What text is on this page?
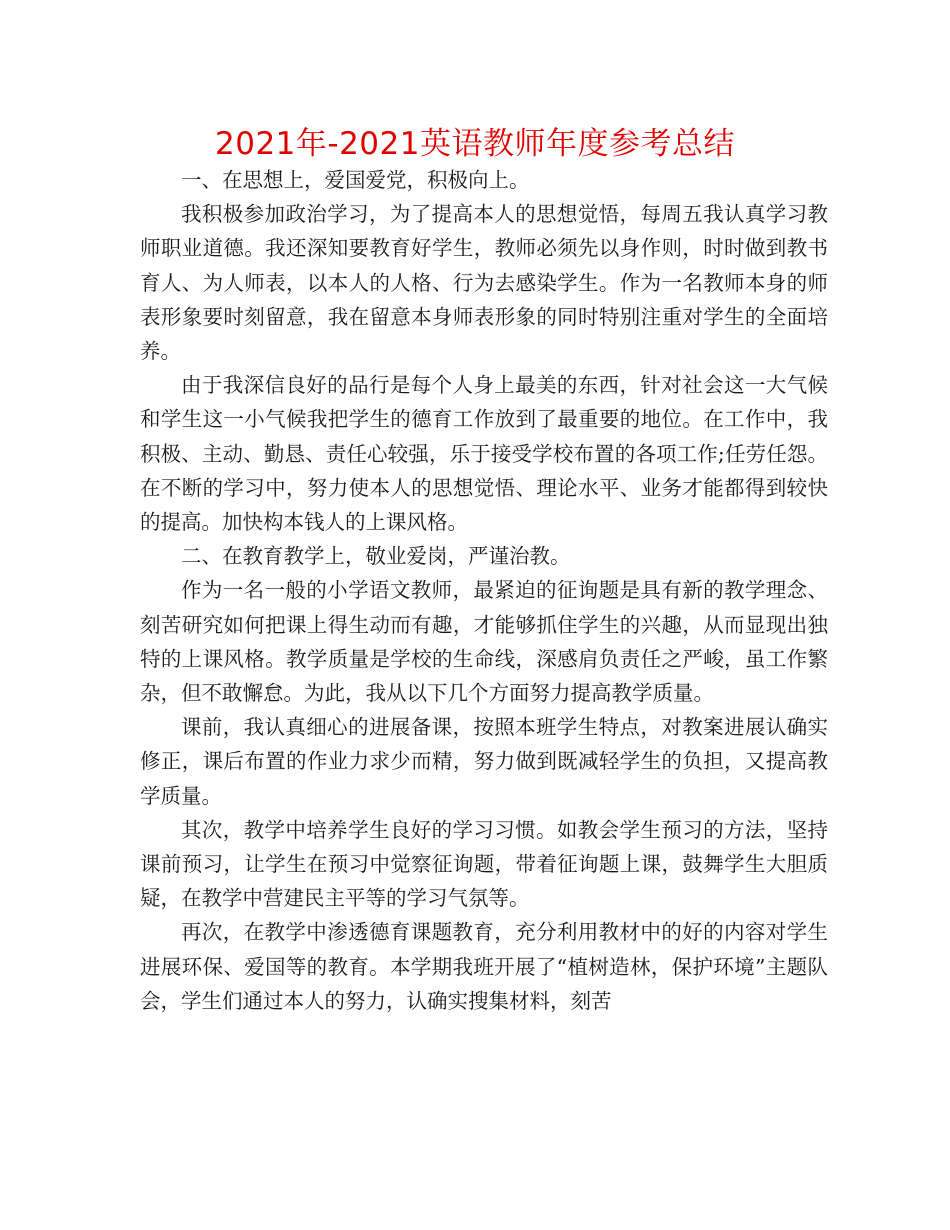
2021年-2021英语教师年度参考总结

一、在思想上，爱国爱党，积极向上。

我积极参加政治学习，为了提高本人的思想觉悟，每周五我认真学习教师职业道德。我还深知要教育好学生，教师必须先以身作则，时时做到教书育人、为人师表，以本人的人格、行为去感染学生。作为一名教师本身的师表形象要时刻留意，我在留意本身师表形象的同时特别注重对学生的全面培养。

由于我深信良好的品行是每个人身上最美的东西，针对社会这一大气候和学生这一小气候我把学生的德育工作放到了最重要的地位。在工作中，我积极、主动、勤恳、责任心较强，乐于接受学校布置的各项工作;任劳任怨。在不断的学习中，努力使本人的思想觉悟、理论水平、业务才能都得到较快的提高。加快构本钱人的上课风格。

二、在教育教学上，敬业爱岗，严谨治教。

作为一名一般的小学语文教师，最紧迫的征询题是具有新的教学理念、刻苦研究如何把课上得生动而有趣，才能够抓住学生的兴趣，从而显现出独特的上课风格。教学质量是学校的生命线，深感肩负责任之严峻，虽工作繁杂，但不敢懈怠。为此，我从以下几个方面努力提高教学质量。

课前，我认真细心的进展备课，按照本班学生特点，对教案进展认确实修正，课后布置的作业力求少而精，努力做到既减轻学生的负担，又提高教学质量。

其次，教学中培养学生良好的学习习惯。如教会学生预习的方法，坚持课前预习，让学生在预习中觉察征询题，带着征询题上课，鼓舞学生大胆质疑，在教学中营建民主平等的学习气氛等。

再次，在教学中渗透德育课题教育，充分利用教材中的好的内容对学生进展环保、爱国等的教育。本学期我班开展了“植树造林，保护环境”主题队会，学生们通过本人的努力，认确实搜集材料，刻苦
